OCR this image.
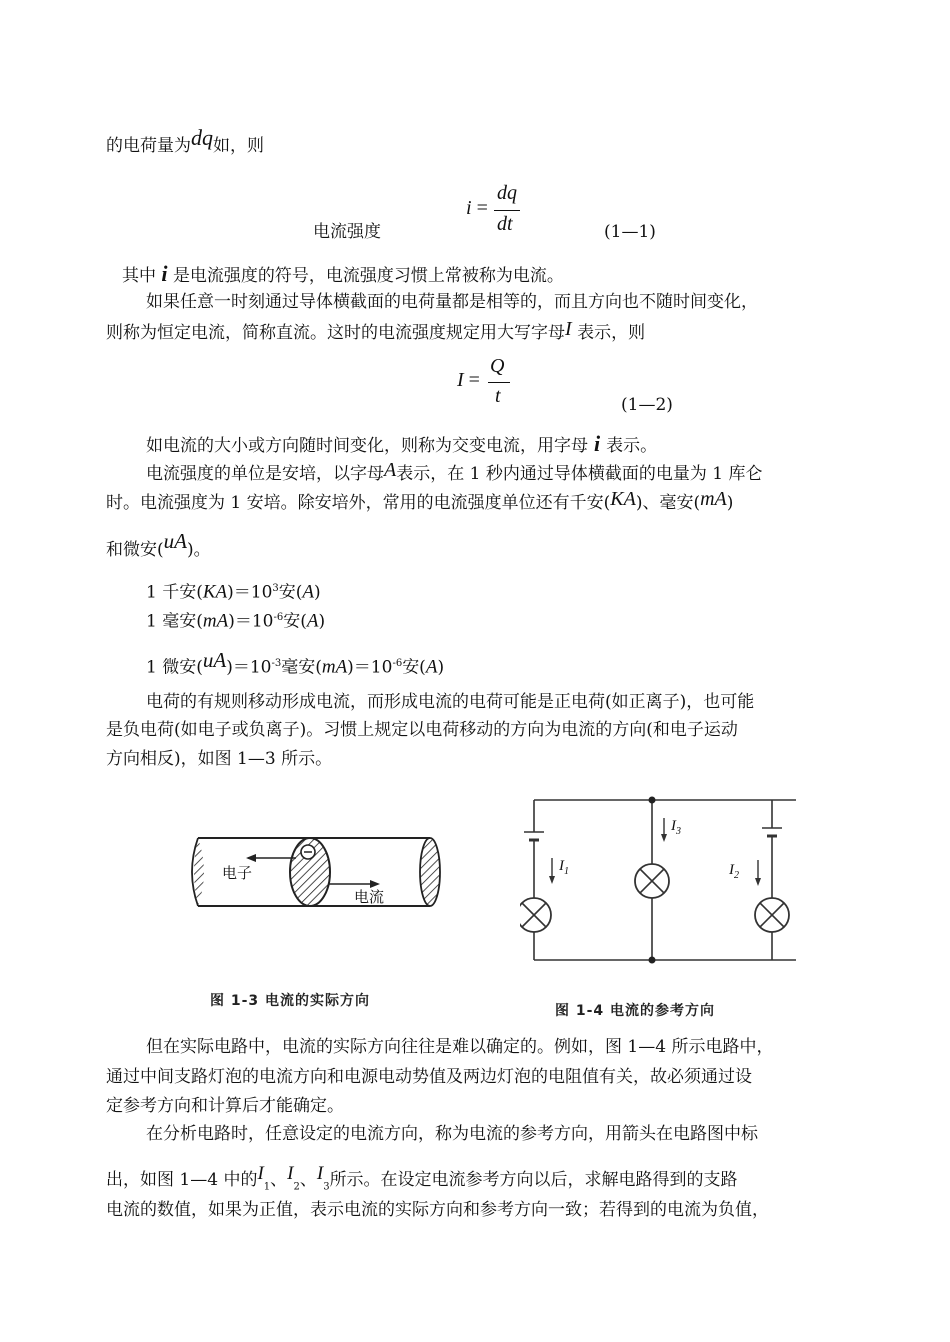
的电荷量为dq如，则
电流强度
i =
dq
dt	(1—1)
其中 i 是电流强度的符号，电流强度习惯上常被称为电流。
如果任意一时刻通过导体横截面的电荷量都是相等的，而且方向也不随时间变化，
则称为恒定电流，简称直流。这时的电流强度规定用大写字母I 表示，则
I =
Q
t	(1—2)
如电流的大小或方向随时间变化，则称为交变电流，用字母 i 表示。
电流强度的单位是安培，以字母A表示，在 1 秒内通过导体横截面的电量为 1 库仑
时。电流强度为 1 安培。除安培外，常用的电流强度单位还有千安(KA)、毫安(mA)
和微安(uA)。
1 千安$(KA)=10^3$安(A)
1 毫安$(mA)=10^{-6}$安(A)
1 微安$(uA)=10^{-3}$毫安$(mA)=10^{-6}$安(A)
电荷的有规则移动形成电流，而形成电流的电荷可能是正电荷(如正离子)，也可能
是负电荷(如电子或负离子)。习惯上规定以电荷移动的方向为电流的方向(和电子运动
方向相反)，如图 1—3 所示。
电子
电流
图 1-3 电流的实际方向
$I_1$
$I_3$
$I_2$
图 1-4 电流的参考方向
但在实际电路中，电流的实际方向往往是难以确定的。例如，图 1—4 所示电路中，
通过中间支路灯泡的电流方向和电源电动势值及两边灯泡的电阻值有关，故必须通过设
定参考方向和计算后才能确定。
在分析电路时，任意设定的电流方向，称为电流的参考方向，用箭头在电路图中标
出，如图 1—4 中的$I_1$、$I_2$、$I_3$所示。在设定电流参考方向以后，求解电路得到的支路
电流的数值，如果为正值，表示电流的实际方向和参考方向一致；若得到的电流为负值，
